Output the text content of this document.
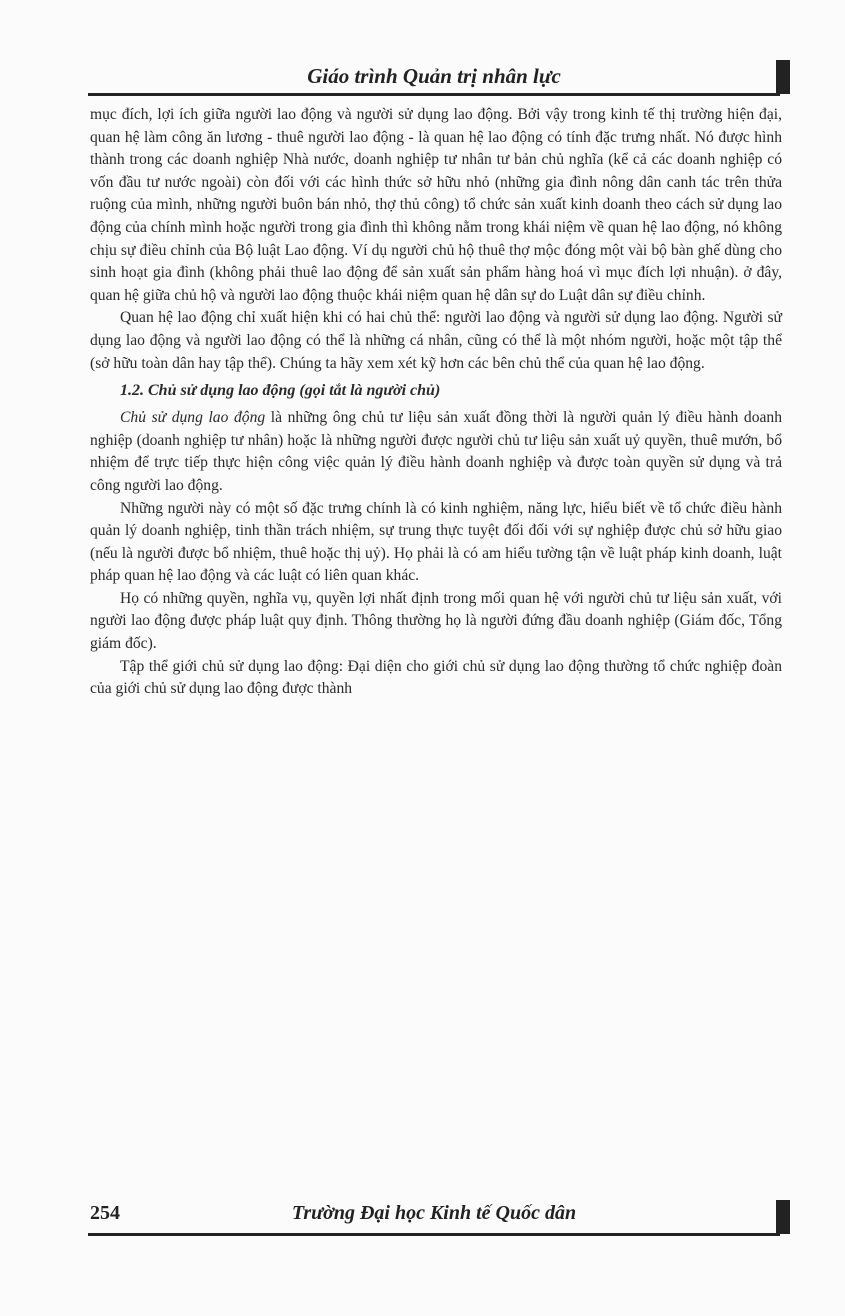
Giáo trình Quản trị nhân lực

mục đích, lợi ích giữa người lao động và người sử dụng lao động. Bởi vậy trong kinh tế thị trường hiện đại, quan hệ làm công ăn lương - thuê người lao động - là quan hệ lao động có tính đặc trưng nhất. Nó được hình thành trong các doanh nghiệp Nhà nước, doanh nghiệp tư nhân tư bản chủ nghĩa (kể cả các doanh nghiệp có vốn đầu tư nước ngoài) còn đối với các hình thức sở hữu nhỏ (những gia đình nông dân canh tác trên thửa ruộng của mình, những người buôn bán nhỏ, thợ thủ công) tổ chức sản xuất kinh doanh theo cách sử dụng lao động của chính mình hoặc người trong gia đình thì không nằm trong khái niệm về quan hệ lao động, nó không chịu sự điều chỉnh của Bộ luật Lao động. Ví dụ người chủ hộ thuê thợ mộc đóng một vài bộ bàn ghế dùng cho sinh hoạt gia đình (không phải thuê lao động để sản xuất sản phẩm hàng hoá vì mục đích lợi nhuận). ở đây, quan hệ giữa chủ hộ và người lao động thuộc khái niệm quan hệ dân sự do Luật dân sự điều chỉnh.

Quan hệ lao động chỉ xuất hiện khi có hai chủ thể: người lao động và người sử dụng lao động. Người sử dụng lao động và người lao động có thể là những cá nhân, cũng có thể là một nhóm người, hoặc một tập thể (sở hữu toàn dân hay tập thể). Chúng ta hãy xem xét kỹ hơn các bên chủ thể của quan hệ lao động.

1.2. Chủ sử dụng lao động (gọi tắt là người chủ)

Chủ sử dụng lao động là những ông chủ tư liệu sản xuất đồng thời là người quản lý điều hành doanh nghiệp (doanh nghiệp tư nhân) hoặc là những người được người chủ tư liệu sản xuất uỷ quyền, thuê mướn, bổ nhiệm để trực tiếp thực hiện công việc quản lý điều hành doanh nghiệp và được toàn quyền sử dụng và trả công người lao động.

Những người này có một số đặc trưng chính là có kinh nghiệm, năng lực, hiểu biết về tổ chức điều hành quản lý doanh nghiệp, tinh thần trách nhiệm, sự trung thực tuyệt đối đối với sự nghiệp được chủ sở hữu giao (nếu là người được bổ nhiệm, thuê hoặc thị uỷ). Họ phải là có am hiểu tường tận về luật pháp kinh doanh, luật pháp quan hệ lao động và các luật có liên quan khác.

Họ có những quyền, nghĩa vụ, quyền lợi nhất định trong mối quan hệ với người chủ tư liệu sản xuất, với người lao động được pháp luật quy định. Thông thường họ là người đứng đầu doanh nghiệp (Giám đốc, Tổng giám đốc).

Tập thể giới chủ sử dụng lao động: Đại diện cho giới chủ sử dụng lao động thường tổ chức nghiệp đoàn của giới chủ sử dụng lao động được thành

254	Trường Đại học Kinh tế Quốc dân
